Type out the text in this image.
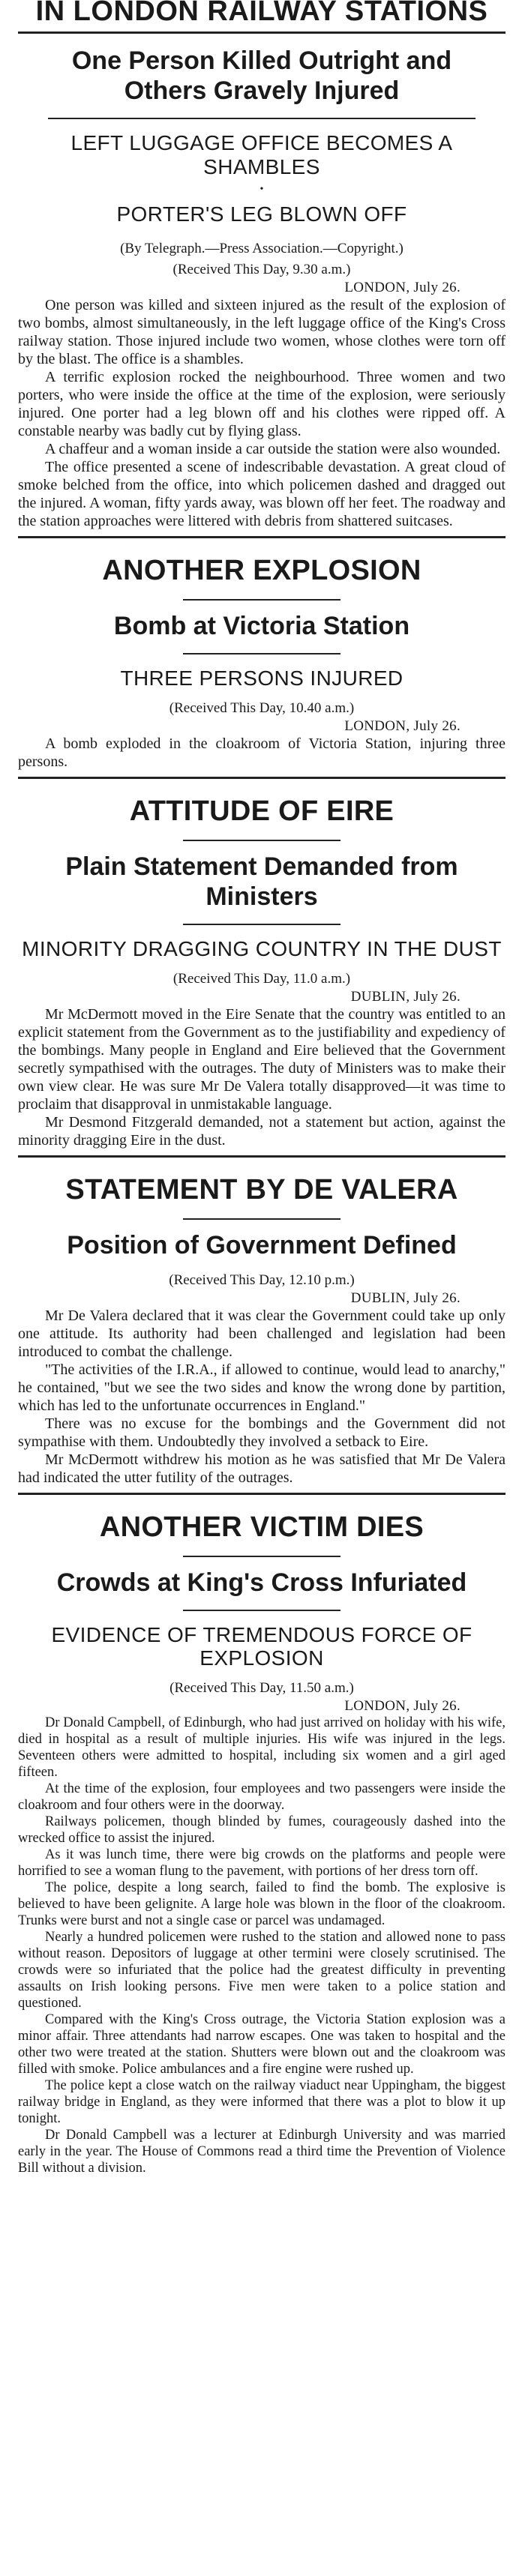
IN LONDON RAILWAY STATIONS
One Person Killed Outright and Others Gravely Injured
LEFT LUGGAGE OFFICE BECOMES A SHAMBLES
•
PORTER'S LEG BLOWN OFF
(By Telegraph.—Press Association.—Copyright.)
(Received This Day, 9.30 a.m.)
LONDON, July 26.

One person was killed and sixteen injured as the result of the explosion of two bombs, almost simultaneously, in the left luggage office of the King's Cross railway station. Those injured include two women, whose clothes were torn off by the blast. The office is a shambles.

A terrific explosion rocked the neighbourhood. Three women and two porters, who were inside the office at the time of the explosion, were seriously injured. One porter had a leg blown off and his clothes were ripped off. A constable nearby was badly cut by flying glass.

A chaffeur and a woman inside a car outside the station were also wounded.

The office presented a scene of indescribable devastation. A great cloud of smoke belched from the office, into which policemen dashed and dragged out the injured. A woman, fifty yards away, was blown off her feet. The roadway and the station approaches were littered with debris from shattered suitcases.

ANOTHER EXPLOSION
Bomb at Victoria Station
THREE PERSONS INJURED
(Received This Day, 10.40 a.m.)
LONDON, July 26.

A bomb exploded in the cloakroom of Victoria Station, injuring three persons.

ATTITUDE OF EIRE
Plain Statement Demanded from Ministers
MINORITY DRAGGING COUNTRY IN THE DUST
(Received This Day, 11.0 a.m.)
DUBLIN, July 26.

Mr McDermott moved in the Eire Senate that the country was entitled to an explicit statement from the Government as to the justifiability and expediency of the bombings. Many people in England and Eire believed that the Government secretly sympathised with the outrages. The duty of Ministers was to make their own view clear. He was sure Mr De Valera totally disapproved—it was time to proclaim that disapproval in unmistakable language.

Mr Desmond Fitzgerald demanded, not a statement but action, against the minority dragging Eire in the dust.

STATEMENT BY DE VALERA
Position of Government Defined
(Received This Day, 12.10 p.m.)
DUBLIN, July 26.

Mr De Valera declared that it was clear the Government could take up only one attitude. Its authority had been challenged and legislation had been introduced to combat the challenge.

"The activities of the I.R.A., if allowed to continue, would lead to anarchy," he contained, "but we see the two sides and know the wrong done by partition, which has led to the unfortunate occurrences in England."

There was no excuse for the bombings and the Government did not sympathise with them. Undoubtedly they involved a setback to Eire.

Mr McDermott withdrew his motion as he was satisfied that Mr De Valera had indicated the utter futility of the outrages.

ANOTHER VICTIM DIES
Crowds at King's Cross Infuriated
EVIDENCE OF TREMENDOUS FORCE OF EXPLOSION
(Received This Day, 11.50 a.m.)
LONDON, July 26.

Dr Donald Campbell, of Edinburgh, who had just arrived on holiday with his wife, died in hospital as a result of multiple injuries. His wife was injured in the legs. Seventeen others were admitted to hospital, including six women and a girl aged fifteen.

At the time of the explosion, four employees and two passengers were inside the cloakroom and four others were in the doorway.

Railways policemen, though blinded by fumes, courageously dashed into the wrecked office to assist the injured.

As it was lunch time, there were big crowds on the platforms and people were horrified to see a woman flung to the pavement, with portions of her dress torn off.

The police, despite a long search, failed to find the bomb. The explosive is believed to have been gelignite. A large hole was blown in the floor of the cloakroom. Trunks were burst and not a single case or parcel was undamaged.

Nearly a hundred policemen were rushed to the station and allowed none to pass without reason. Depositors of luggage at other termini were closely scrutinised. The crowds were so infuriated that the police had the greatest difficulty in preventing assaults on Irish looking persons. Five men were taken to a police station and questioned.

Compared with the King's Cross outrage, the Victoria Station explosion was a minor affair. Three attendants had narrow escapes. One was taken to hospital and the other two were treated at the station. Shutters were blown out and the cloakroom was filled with smoke. Police ambulances and a fire engine were rushed up.

The police kept a close watch on the railway viaduct near Uppingham, the biggest railway bridge in England, as they were informed that there was a plot to blow it up tonight.

Dr Donald Campbell was a lecturer at Edinburgh University and was married early in the year. The House of Commons read a third time the Prevention of Violence Bill without a division.
